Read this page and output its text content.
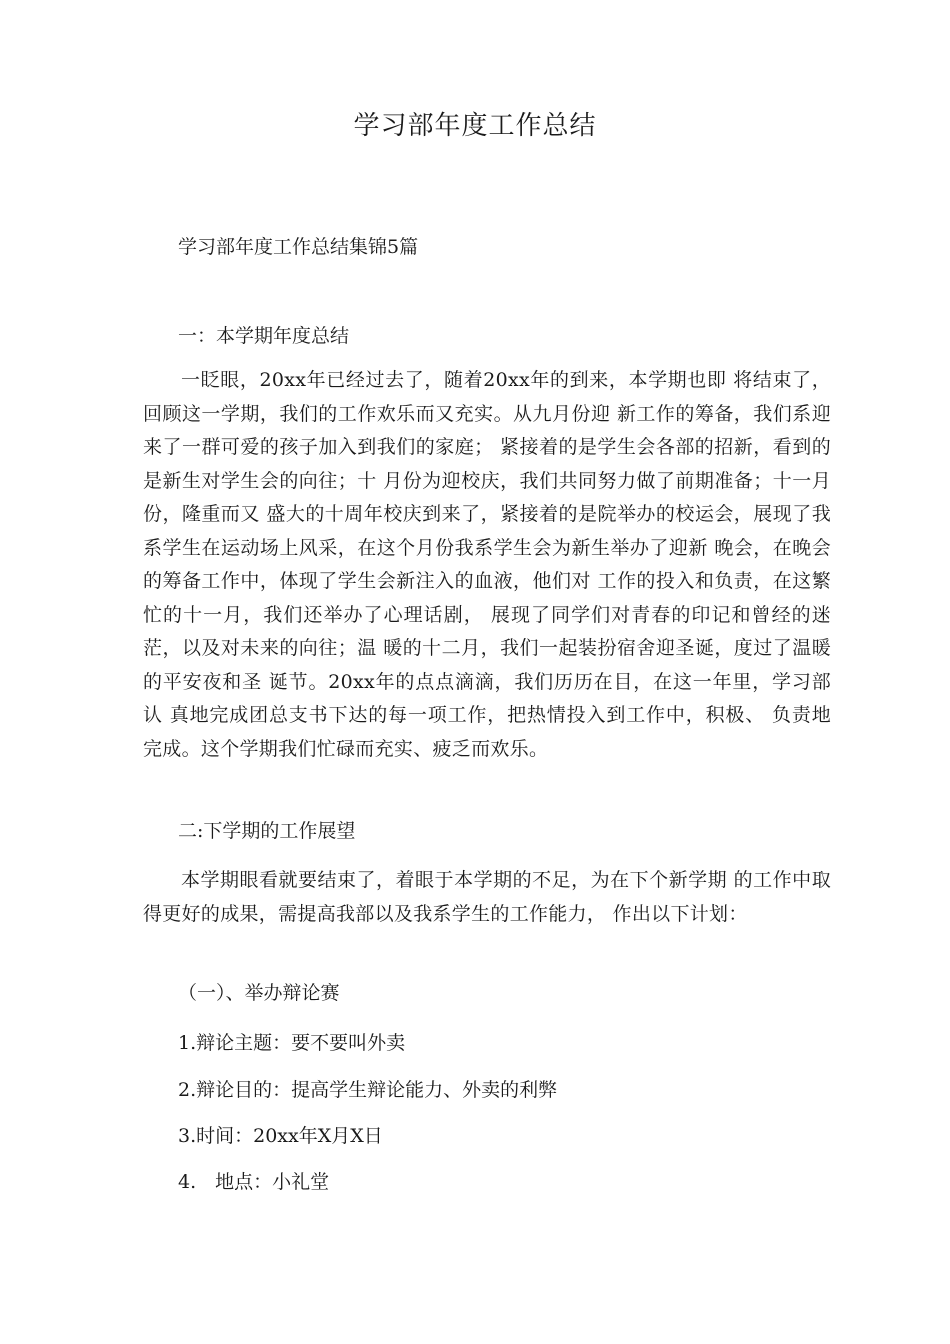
学习部年度工作总结

学习部年度工作总结集锦5篇

一：本学期年度总结

一眨眼，20xx年已经过去了，随着20xx年的到来，本学期也即 将结束了，回顾这一学期，我们的工作欢乐而又充实。从九月份迎 新工作的筹备，我们系迎来了一群可爱的孩子加入到我们的家庭； 紧接着的是学生会各部的招新，看到的是新生对学生会的向往；十 月份为迎校庆，我们共同努力做了前期准备；十一月份，隆重而又 盛大的十周年校庆到来了，紧接着的是院举办的校运会，展现了我 系学生在运动场上风采，在这个月份我系学生会为新生举办了迎新 晚会，在晚会的筹备工作中，体现了学生会新注入的血液，他们对 工作的投入和负责，在这繁忙的十一月，我们还举办了心理话剧， 展现了同学们对青春的印记和曾经的迷茫，以及对未来的向往；温 暖的十二月，我们一起装扮宿舍迎圣诞，度过了温暖的平安夜和圣 诞节。20xx年的点点滴滴，我们历历在目，在这一年里，学习部认 真地完成团总支书下达的每一项工作，把热情投入到工作中，积极、 负责地完成。这个学期我们忙碌而充实、疲乏而欢乐。

二:下学期的工作展望

本学期眼看就要结束了，着眼于本学期的不足，为在下个新学期 的工作中取得更好的成果，需提高我部以及我系学生的工作能力， 作出以下计划：

（一）、举办辩论赛

1.辩论主题：要不要叫外卖

2.辩论目的：提高学生辩论能力、外卖的利弊

3.时间：20xx年X月X日

4.　地点：小礼堂
